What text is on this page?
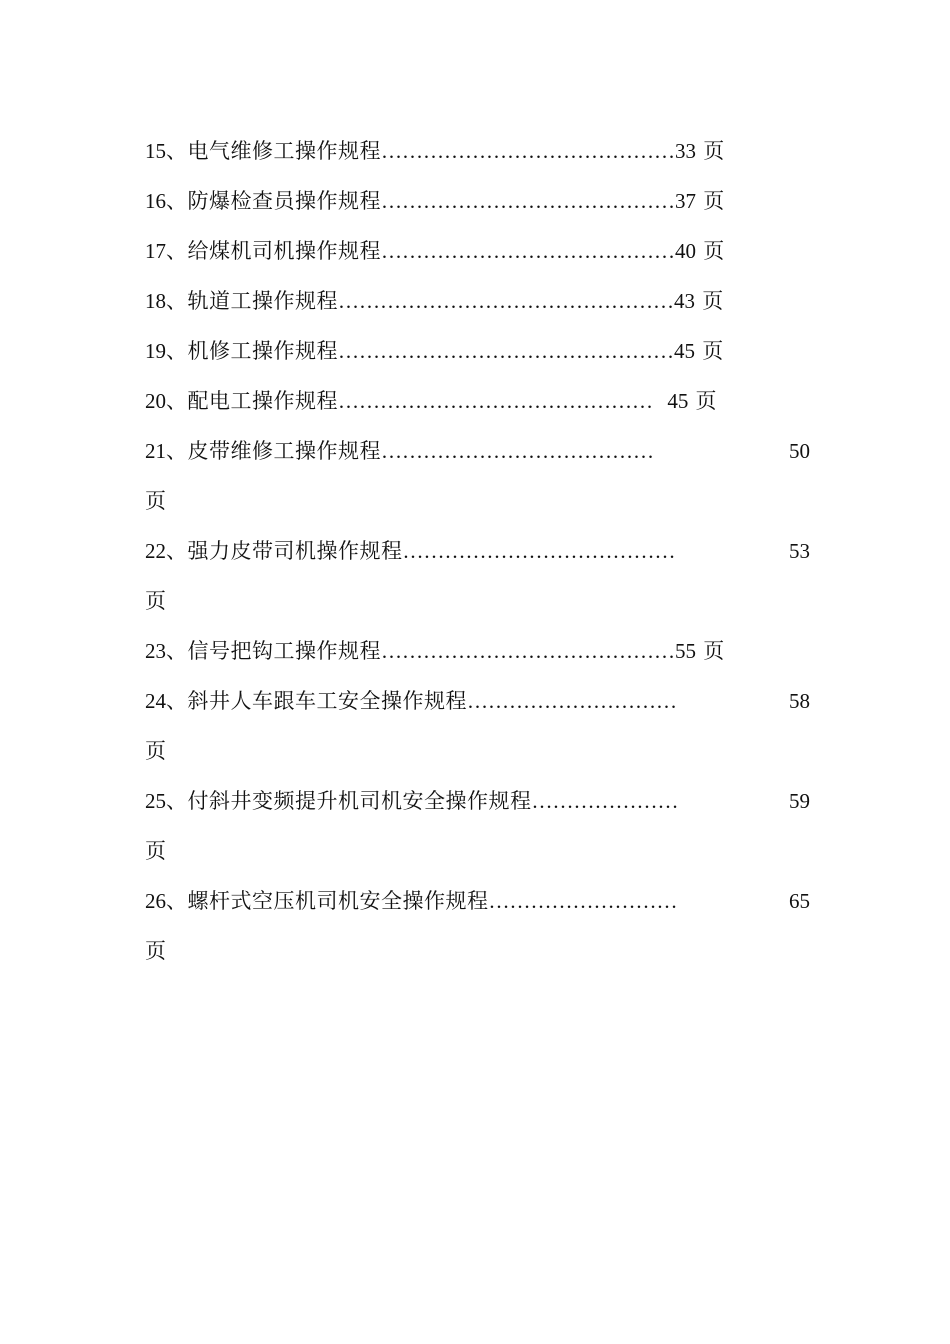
15、电气维修工操作规程……………………………………33 页
16、防爆检查员操作规程……………………………………37 页
17、给煤机司机操作规程……………………………………40 页
18、轨道工操作规程…………………………………………43 页
19、机修工操作规程…………………………………………45 页
20、配电工操作规程……………………………………… 45 页
21、皮带维修工操作规程…………………………………	50
页
22、强力皮带司机操作规程…………………………………	53
页
23、信号把钩工操作规程……………………………………55 页
24、斜井人车跟车工安全操作规程…………………………	58
页
25、付斜井变频提升机司机安全操作规程…………………	59
页
26、螺杆式空压机司机安全操作规程………………………	65
页
